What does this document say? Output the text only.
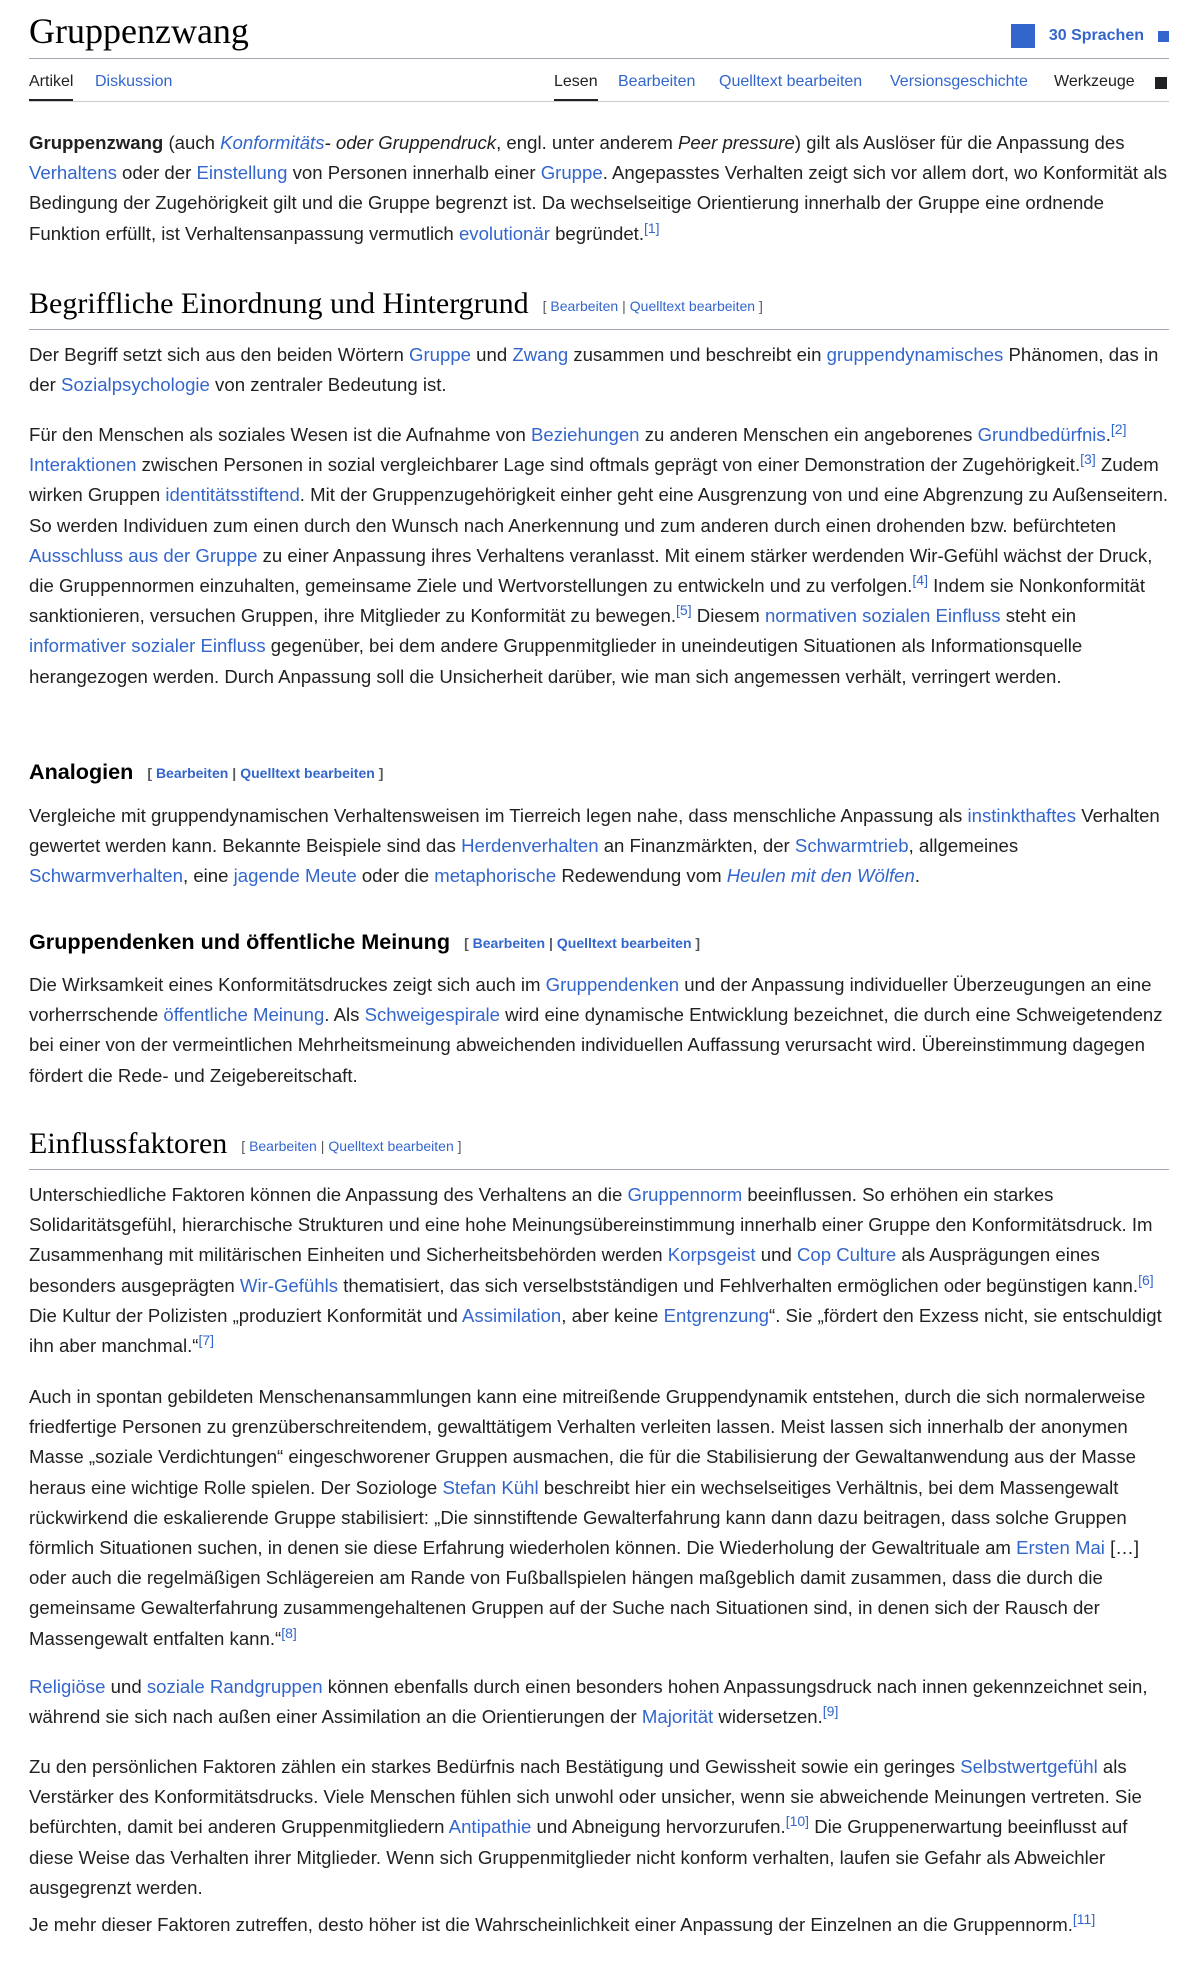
Gruppenzwang	30 Sprachen
Artikel Diskussion	Lesen Bearbeiten Quelltext bearbeiten Versionsgeschichte Werkzeuge

Gruppenzwang (auch Konformitäts- oder Gruppendruck, engl. unter anderem Peer pressure) gilt als Auslöser für die Anpassung des Verhaltens oder der Einstellung von Personen innerhalb einer Gruppe. Angepasstes Verhalten zeigt sich vor allem dort, wo Konformität als Bedingung der Zugehörigkeit gilt und die Gruppe begrenzt ist. Da wechselseitige Orientierung innerhalb der Gruppe eine ordnende Funktion erfüllt, ist Verhaltensanpassung vermutlich evolutionär begründet.[1]

Begriffliche Einordnung und Hintergrund [ Bearbeiten | Quelltext bearbeiten ]

Der Begriff setzt sich aus den beiden Wörtern Gruppe und Zwang zusammen und beschreibt ein gruppendynamisches Phänomen, das in der Sozialpsychologie von zentraler Bedeutung ist.

Für den Menschen als soziales Wesen ist die Aufnahme von Beziehungen zu anderen Menschen ein angeborenes Grundbedürfnis.[2]
Interaktionen zwischen Personen in sozial vergleichbarer Lage sind oftmals geprägt von einer Demonstration der Zugehörigkeit.[3] Zudem wirken Gruppen identitätsstiftend. Mit der Gruppenzugehörigkeit einher geht eine Ausgrenzung von und eine Abgrenzung zu Außenseitern. So werden Individuen zum einen durch den Wunsch nach Anerkennung und zum anderen durch einen drohenden bzw. befürchteten Ausschluss aus der Gruppe zu einer Anpassung ihres Verhaltens veranlasst. Mit einem stärker werdenden Wir-Gefühl wächst der Druck, die Gruppennormen einzuhalten, gemeinsame Ziele und Wertvorstellungen zu entwickeln und zu verfolgen.[4] Indem sie Nonkonformität sanktionieren, versuchen Gruppen, ihre Mitglieder zu Konformität zu bewegen.[5] Diesem normativen sozialen Einfluss steht ein informativer sozialer Einfluss gegenüber, bei dem andere Gruppenmitglieder in uneindeutigen Situationen als Informationsquelle herangezogen werden. Durch Anpassung soll die Unsicherheit darüber, wie man sich angemessen verhält, verringert werden.

Analogien [ Bearbeiten | Quelltext bearbeiten ]

Vergleiche mit gruppendynamischen Verhaltensweisen im Tierreich legen nahe, dass menschliche Anpassung als instinkthaftes Verhalten gewertet werden kann. Bekannte Beispiele sind das Herdenverhalten an Finanzmärkten, der Schwarmtrieb, allgemeines Schwarmverhalten, eine jagende Meute oder die metaphorische Redewendung vom Heulen mit den Wölfen.

Gruppendenken und öffentliche Meinung [ Bearbeiten | Quelltext bearbeiten ]

Die Wirksamkeit eines Konformitätsdruckes zeigt sich auch im Gruppendenken und der Anpassung individueller Überzeugungen an eine vorherrschende öffentliche Meinung. Als Schweigespirale wird eine dynamische Entwicklung bezeichnet, die durch eine Schweigetendenz bei einer von der vermeintlichen Mehrheitsmeinung abweichenden individuellen Auffassung verursacht wird. Übereinstimmung dagegen fördert die Rede- und Zeigebereitschaft.

Einflussfaktoren [ Bearbeiten | Quelltext bearbeiten ]

Unterschiedliche Faktoren können die Anpassung des Verhaltens an die Gruppennorm beeinflussen. So erhöhen ein starkes Solidaritätsgefühl, hierarchische Strukturen und eine hohe Meinungsübereinstimmung innerhalb einer Gruppe den Konformitätsdruck. Im Zusammenhang mit militärischen Einheiten und Sicherheitsbehörden werden Korpsgeist und Cop Culture als Ausprägungen eines besonders ausgeprägten Wir-Gefühls thematisiert, das sich verselbstständigen und Fehlverhalten ermöglichen oder begünstigen kann.[6] Die Kultur der Polizisten „produziert Konformität und Assimilation, aber keine Entgrenzung“. Sie „fördert den Exzess nicht, sie entschuldigt ihn aber manchmal.“[7]

Auch in spontan gebildeten Menschenansammlungen kann eine mitreißende Gruppendynamik entstehen, durch die sich normalerweise friedfertige Personen zu grenzüberschreitendem, gewalttätigem Verhalten verleiten lassen. Meist lassen sich innerhalb der anonymen Masse „soziale Verdichtungen“ eingeschworener Gruppen ausmachen, die für die Stabilisierung der Gewaltanwendung aus der Masse heraus eine wichtige Rolle spielen. Der Soziologe Stefan Kühl beschreibt hier ein wechselseitiges Verhältnis, bei dem Massengewalt rückwirkend die eskalierende Gruppe stabilisiert: „Die sinnstiftende Gewalterfahrung kann dann dazu beitragen, dass solche Gruppen förmlich Situationen suchen, in denen sie diese Erfahrung wiederholen können. Die Wiederholung der Gewaltrituale am Ersten Mai […] oder auch die regelmäßigen Schlägereien am Rande von Fußballspielen hängen maßgeblich damit zusammen, dass die durch die gemeinsame Gewalterfahrung zusammengehaltenen Gruppen auf der Suche nach Situationen sind, in denen sich der Rausch der Massengewalt entfalten kann.“[8]

Religiöse und soziale Randgruppen können ebenfalls durch einen besonders hohen Anpassungsdruck nach innen gekennzeichnet sein, während sie sich nach außen einer Assimilation an die Orientierungen der Majorität widersetzen.[9]

Zu den persönlichen Faktoren zählen ein starkes Bedürfnis nach Bestätigung und Gewissheit sowie ein geringes Selbstwertgefühl als Verstärker des Konformitätsdrucks. Viele Menschen fühlen sich unwohl oder unsicher, wenn sie abweichende Meinungen vertreten. Sie befürchten, damit bei anderen Gruppenmitgliedern Antipathie und Abneigung hervorzurufen.[10] Die Gruppenerwartung beeinflusst auf diese Weise das Verhalten ihrer Mitglieder. Wenn sich Gruppenmitglieder nicht konform verhalten, laufen sie Gefahr als Abweichler ausgegrenzt werden.

Je mehr dieser Faktoren zutreffen, desto höher ist die Wahrscheinlichkeit einer Anpassung der Einzelnen an die Gruppennorm.[11]
